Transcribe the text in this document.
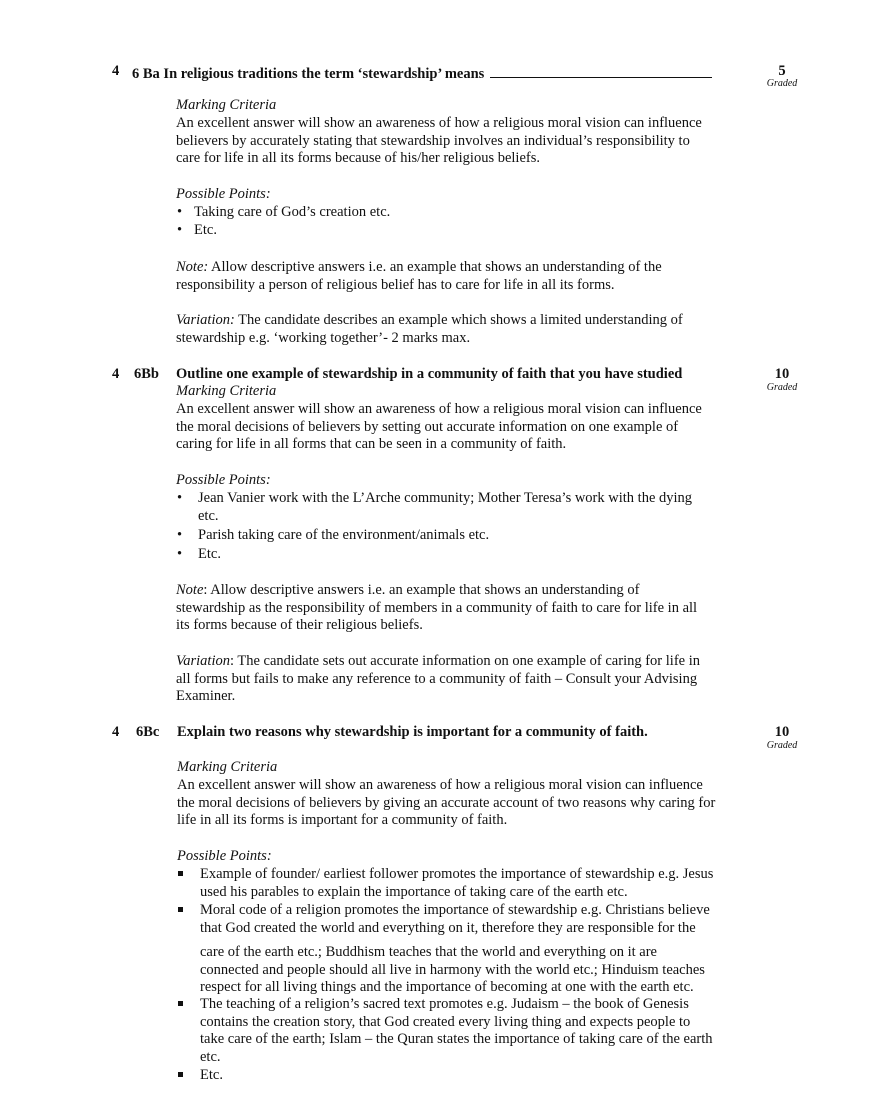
4 6 Ba In religious traditions the term ‘stewardship’ means	5
Graded
Marking Criteria
An excellent answer will show an awareness of how a religious moral vision can influence
believers by accurately stating that stewardship involves an individual’s responsibility to
care for life in all its forms because of his/her religious beliefs.
Possible Points:
• Taking care of God’s creation etc.
• Etc.
Note: Allow descriptive answers i.e. an example that shows an understanding of the
responsibility a person of religious belief has to care for life in all its forms.
Variation: The candidate describes an example which shows a limited understanding of
stewardship e.g. ‘working together’- 2 marks max.
4 6Bb Outline one example of stewardship in a community of faith that you have studied	10
Graded
Marking Criteria
An excellent answer will show an awareness of how a religious moral vision can influence
the moral decisions of believers by setting out accurate information on one example of
caring for life in all forms that can be seen in a community of faith.
Possible Points:
• Jean Vanier work with the L’Arche community; Mother Teresa’s work with the dying
etc.
• Parish taking care of the environment/animals etc.
• Etc.
Note: Allow descriptive answers i.e. an example that shows an understanding of
stewardship as the responsibility of members in a community of faith to care for life in all
its forms because of their religious beliefs.
Variation: The candidate sets out accurate information on one example of caring for life in
all forms but fails to make any reference to a community of faith – Consult your Advising
Examiner.
4 6Bc Explain two reasons why stewardship is important for a community of faith.	10
Graded
Marking Criteria
An excellent answer will show an awareness of how a religious moral vision can influence
the moral decisions of believers by giving an accurate account of two reasons why caring for
life in all its forms is important for a community of faith.
Possible Points:
Example of founder/ earliest follower promotes the importance of stewardship e.g. Jesus
used his parables to explain the importance of taking care of the earth etc.
Moral code of a religion promotes the importance of stewardship e.g. Christians believe
that God created the world and everything on it, therefore they are responsible for the
care of the earth etc.; Buddhism teaches that the world and everything on it are
connected and people should all live in harmony with the world etc.; Hinduism teaches
respect for all living things and the importance of becoming at one with the earth etc.
The teaching of a religion’s sacred text promotes e.g. Judaism – the book of Genesis
contains the creation story, that God created every living thing and expects people to
take care of the earth; Islam – the Quran states the importance of taking care of the earth
etc.
Etc.
